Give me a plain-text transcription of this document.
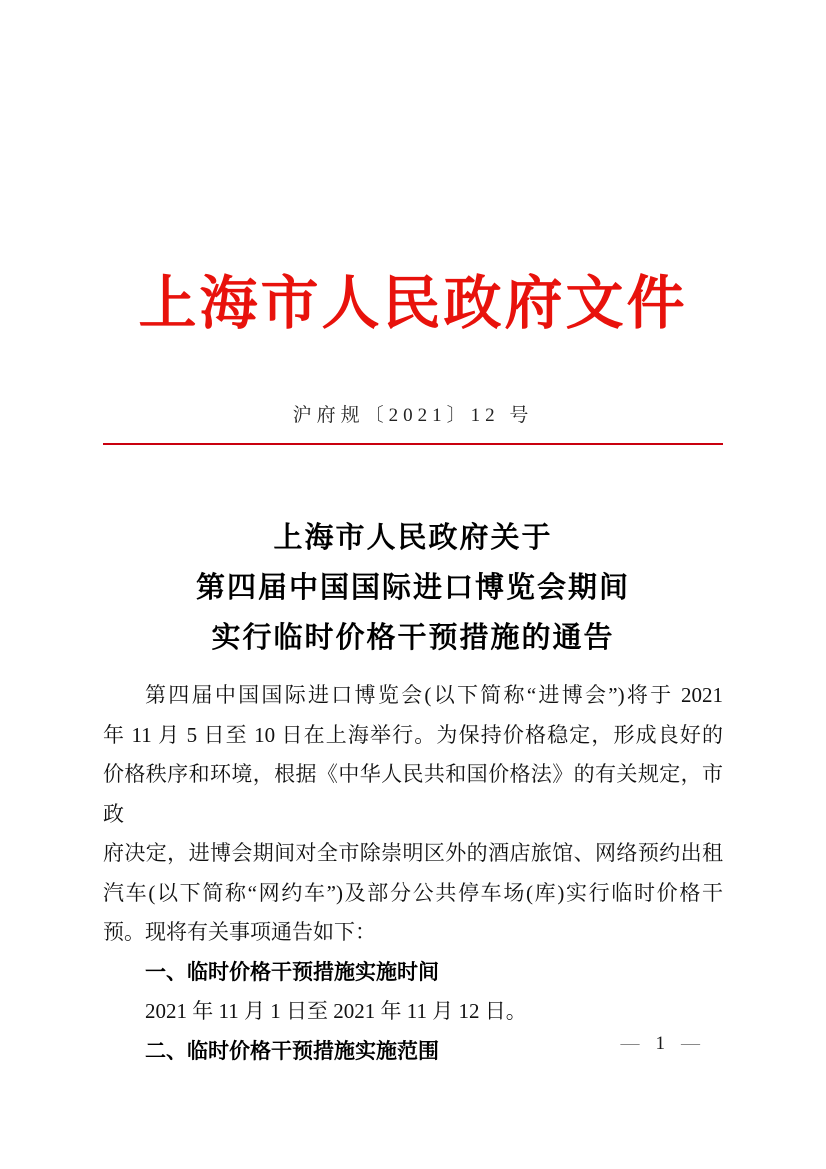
上海市人民政府文件
沪府规〔2021〕12 号
上海市人民政府关于
第四届中国国际进口博览会期间
实行临时价格干预措施的通告
第四届中国国际进口博览会(以下简称“进博会”)将于 2021
年 11 月 5 日至 10 日在上海举行。为保持价格稳定，形成良好的
价格秩序和环境，根据《中华人民共和国价格法》的有关规定，市政
府决定，进博会期间对全市除崇明区外的酒店旅馆、网络预约出租
汽车(以下简称“网约车”)及部分公共停车场(库)实行临时价格干
预。现将有关事项通告如下：
一、临时价格干预措施实施时间
2021 年 11 月 1 日至 2021 年 11 月 12 日。
二、临时价格干预措施实施范围	— 1 —
